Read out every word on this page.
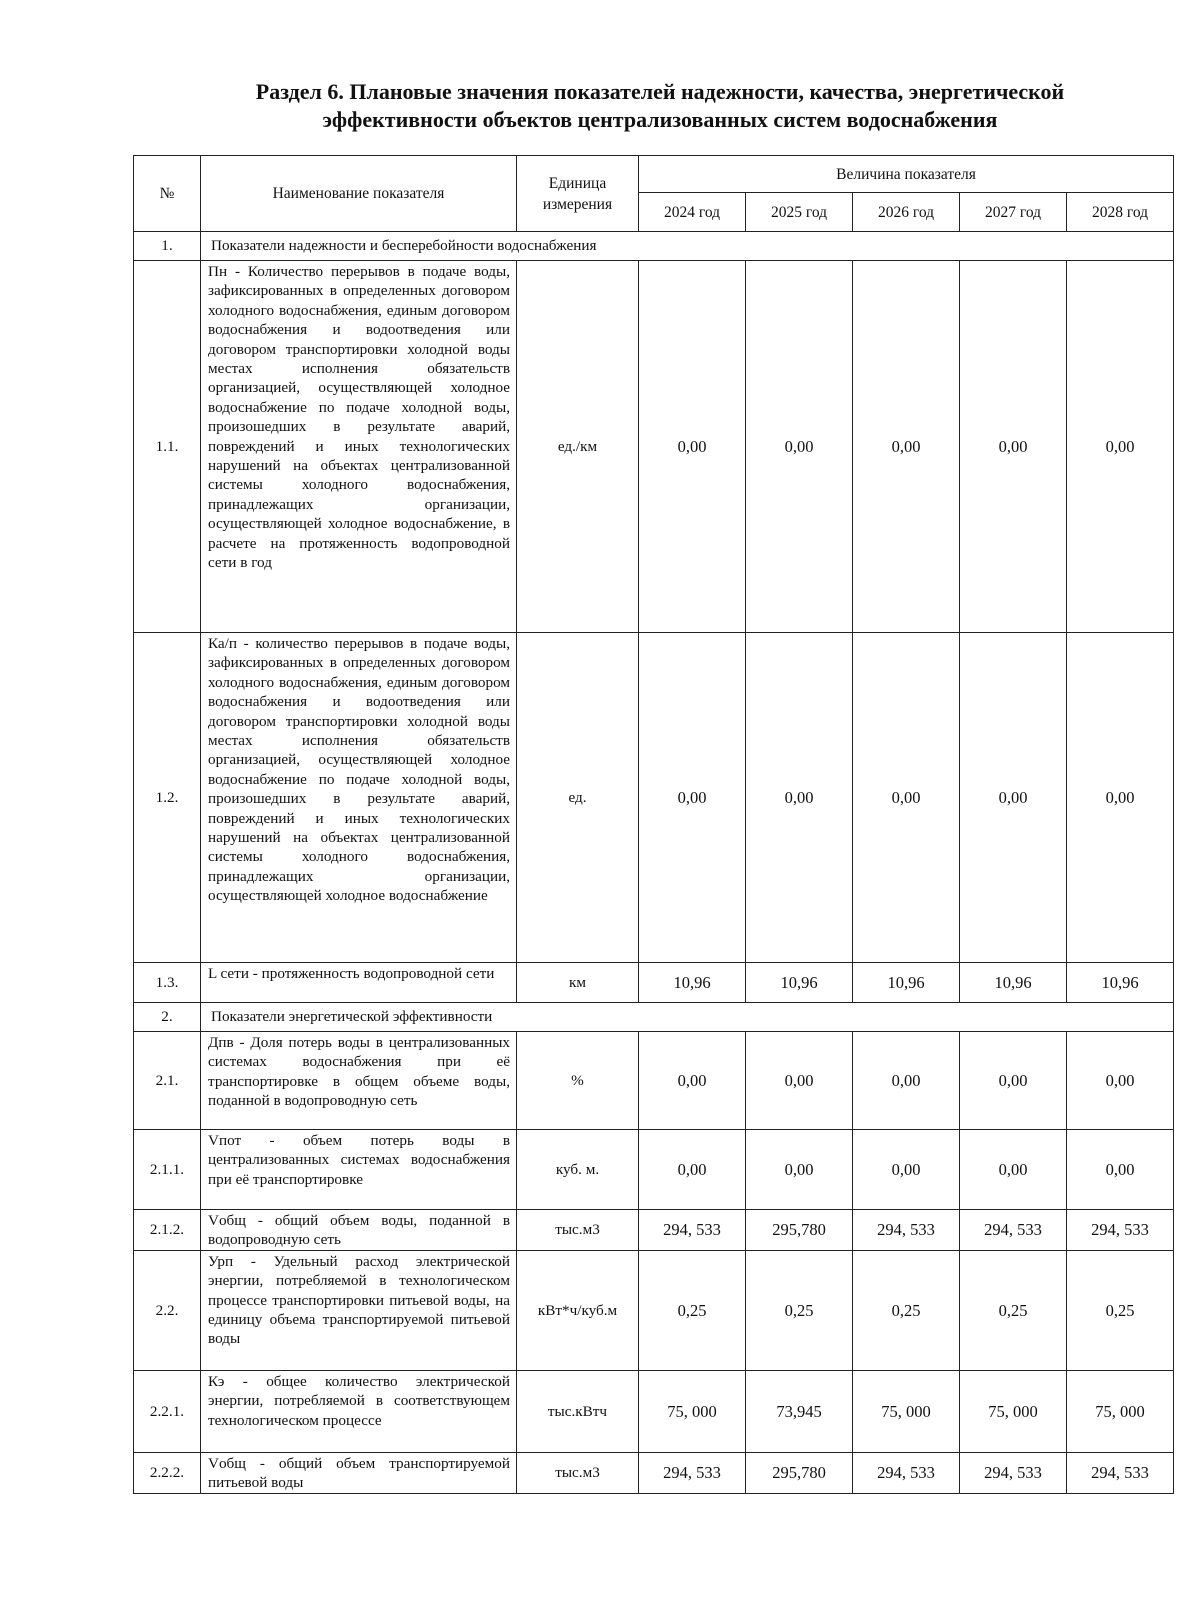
Раздел 6. Плановые значения показателей надежности, качества, энергетической
эффективности объектов централизованных систем водоснабжения
№	Наименование показателя	Единица измерения	Величина показателя				
			2024 год	2025 год	2026 год	2027 год	2028 год
1.	Показатели надежности и бесперебойности водоснабжения						
1.1.	Пн - Количество перерывов в подаче воды, зафиксированных в определенных договором холодного водоснабжения, единым договором водоснабжения и водоотведения или договором транспортировки холодной воды местах исполнения обязательств организацией, осуществляющей холодное водоснабжение по подаче холодной воды, произошедших в результате аварий, повреждений и иных технологических нарушений на объектах централизованной системы холодного водоснабжения, принадлежащих организации, осуществляющей холодное водоснабжение, в расчете на протяженность водопроводной сети в год	ед./км	0,00	0,00	0,00	0,00	0,00
1.2.	Ка/п - количество перерывов в подаче воды, зафиксированных в определенных договором холодного водоснабжения, единым договором водоснабжения и водоотведения или договором транспортировки холодной воды местах исполнения обязательств организацией, осуществляющей холодное водоснабжение по подаче холодной воды, произошедших в результате аварий, повреждений и иных технологических нарушений на объектах централизованной системы холодного водоснабжения, принадлежащих организации, осуществляющей холодное водоснабжение	ед.	0,00	0,00	0,00	0,00	0,00
1.3.	L сети - протяженность водопроводной сети	км	10,96	10,96	10,96	10,96	10,96
2.	Показатели энергетической эффективности						
2.1.	Дпв - Доля потерь воды в централизованных системах водоснабжения при её транспортировке в общем объеме воды, поданной в водопроводную сеть	%	0,00	0,00	0,00	0,00	0,00
2.1.1.	Vпот - объем потерь воды в централизованных системах водоснабжения при её транспортировке	куб. м.	0,00	0,00	0,00	0,00	0,00
2.1.2.	Vобщ - общий объем воды, поданной в водопроводную сеть	тыс.м3	294, 533	295,780	294, 533	294, 533	294, 533
2.2.	Урп - Удельный расход электрической энергии, потребляемой в технологическом процессе транспортировки питьевой воды, на единицу объема транспортируемой питьевой воды	кВт*ч/куб.м	0,25	0,25	0,25	0,25	0,25
2.2.1.	Кэ - общее количество электрической энергии, потребляемой в соответствующем технологическом процессе	тыс.кВтч	75, 000	73,945	75, 000	75, 000	75, 000
2.2.2.	Vобщ - общий объем транспортируемой питьевой воды	тыс.м3	294, 533	295,780	294, 533	294, 533	294, 533
